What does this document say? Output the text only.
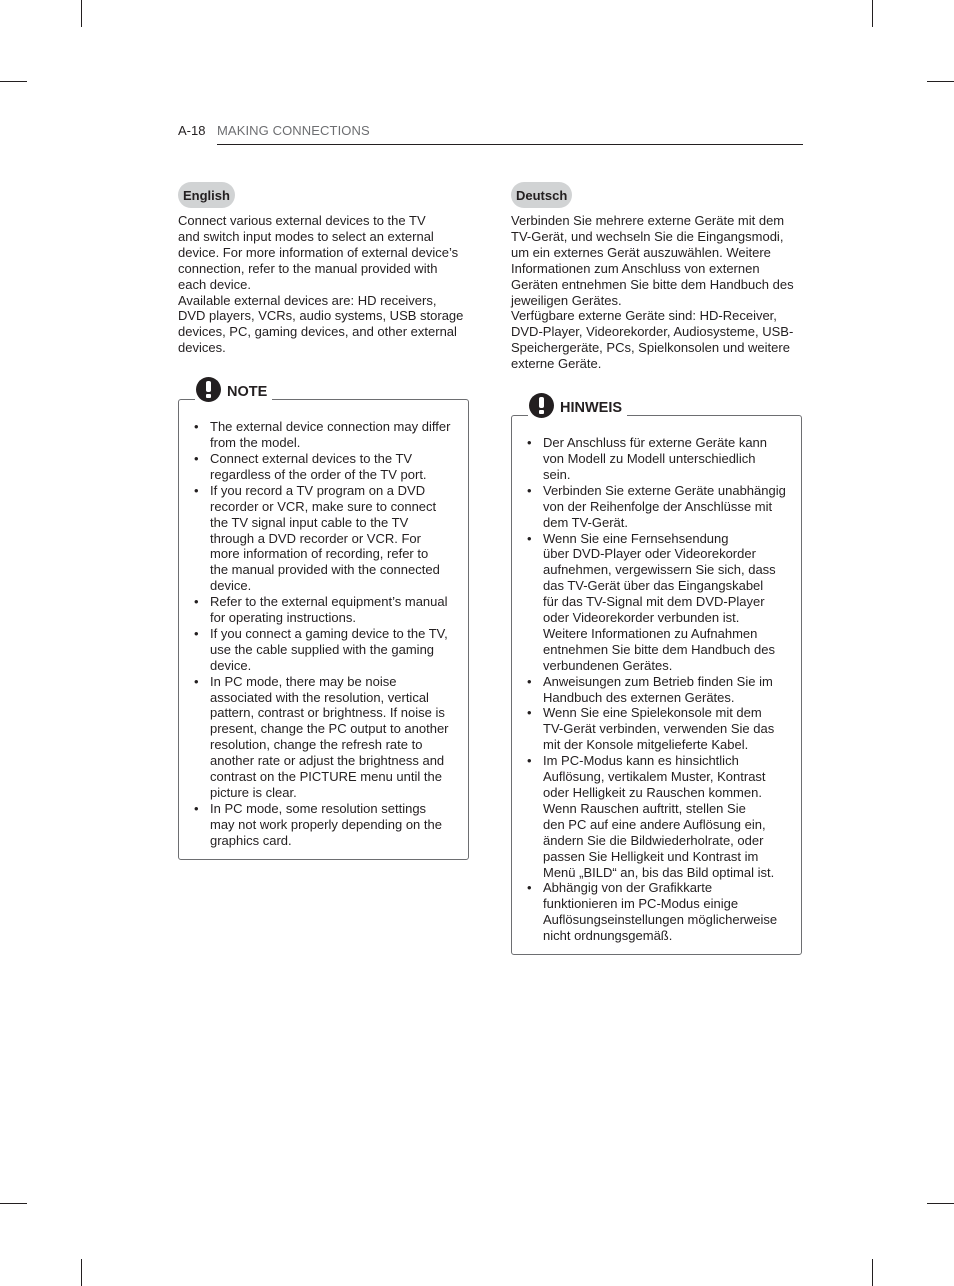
A-18 MAKING CONNECTIONS
English

Connect various external devices to the TV
and switch input modes to select an external
device. For more information of external device’s
connection, refer to the manual provided with
each device.
Available external devices are: HD receivers,
DVD players, VCRs, audio systems, USB storage
devices, PC, gaming devices, and other external
devices.

NOTE
• The external device connection may differ
from the model.
• Connect external devices to the TV
regardless of the order of the TV port.
• If you record a TV program on a DVD
recorder or VCR, make sure to connect
the TV signal input cable to the TV
through a DVD recorder or VCR. For
more information of recording, refer to
the manual provided with the connected
device.
• Refer to the external equipment’s manual
for operating instructions.
• If you connect a gaming device to the TV,
use the cable supplied with the gaming
device.
• In PC mode, there may be noise
associated with the resolution, vertical
pattern, contrast or brightness. If noise is
present, change the PC output to another
resolution, change the refresh rate to
another rate or adjust the brightness and
contrast on the PICTURE menu until the
picture is clear.
• In PC mode, some resolution settings
may not work properly depending on the
graphics card.
Deutsch

Verbinden Sie mehrere externe Geräte mit dem
TV-Gerät, und wechseln Sie die Eingangsmodi,
um ein externes Gerät auszuwählen. Weitere
Informationen zum Anschluss von externen
Geräten entnehmen Sie bitte dem Handbuch des
jeweiligen Gerätes.
Verfügbare externe Geräte sind: HD-Receiver,
DVD-Player, Videorekorder, Audiosysteme, USB-
Speichergeräte, PCs, Spielkonsolen und weitere
externe Geräte.

HINWEIS
• Der Anschluss für externe Geräte kann
von Modell zu Modell unterschiedlich
sein.
• Verbinden Sie externe Geräte unabhängig
von der Reihenfolge der Anschlüsse mit
dem TV-Gerät.
• Wenn Sie eine Fernsehsendung
über DVD-Player oder Videorekorder
aufnehmen, vergewissern Sie sich, dass
das TV-Gerät über das Eingangskabel
für das TV-Signal mit dem DVD-Player
oder Videorekorder verbunden ist.
Weitere Informationen zu Aufnahmen
entnehmen Sie bitte dem Handbuch des
verbundenen Gerätes.
• Anweisungen zum Betrieb finden Sie im
Handbuch des externen Gerätes.
• Wenn Sie eine Spielekonsole mit dem
TV-Gerät verbinden, verwenden Sie das
mit der Konsole mitgelieferte Kabel.
• Im PC-Modus kann es hinsichtlich
Auflösung, vertikalem Muster, Kontrast
oder Helligkeit zu Rauschen kommen.
Wenn Rauschen auftritt, stellen Sie
den PC auf eine andere Auflösung ein,
ändern Sie die Bildwiederholrate, oder
passen Sie Helligkeit und Kontrast im
Menü „BILD“ an, bis das Bild optimal ist.
• Abhängig von der Grafikkarte
funktionieren im PC-Modus einige
Auflösungseinstellungen möglicherweise
nicht ordnungsgemäß.
